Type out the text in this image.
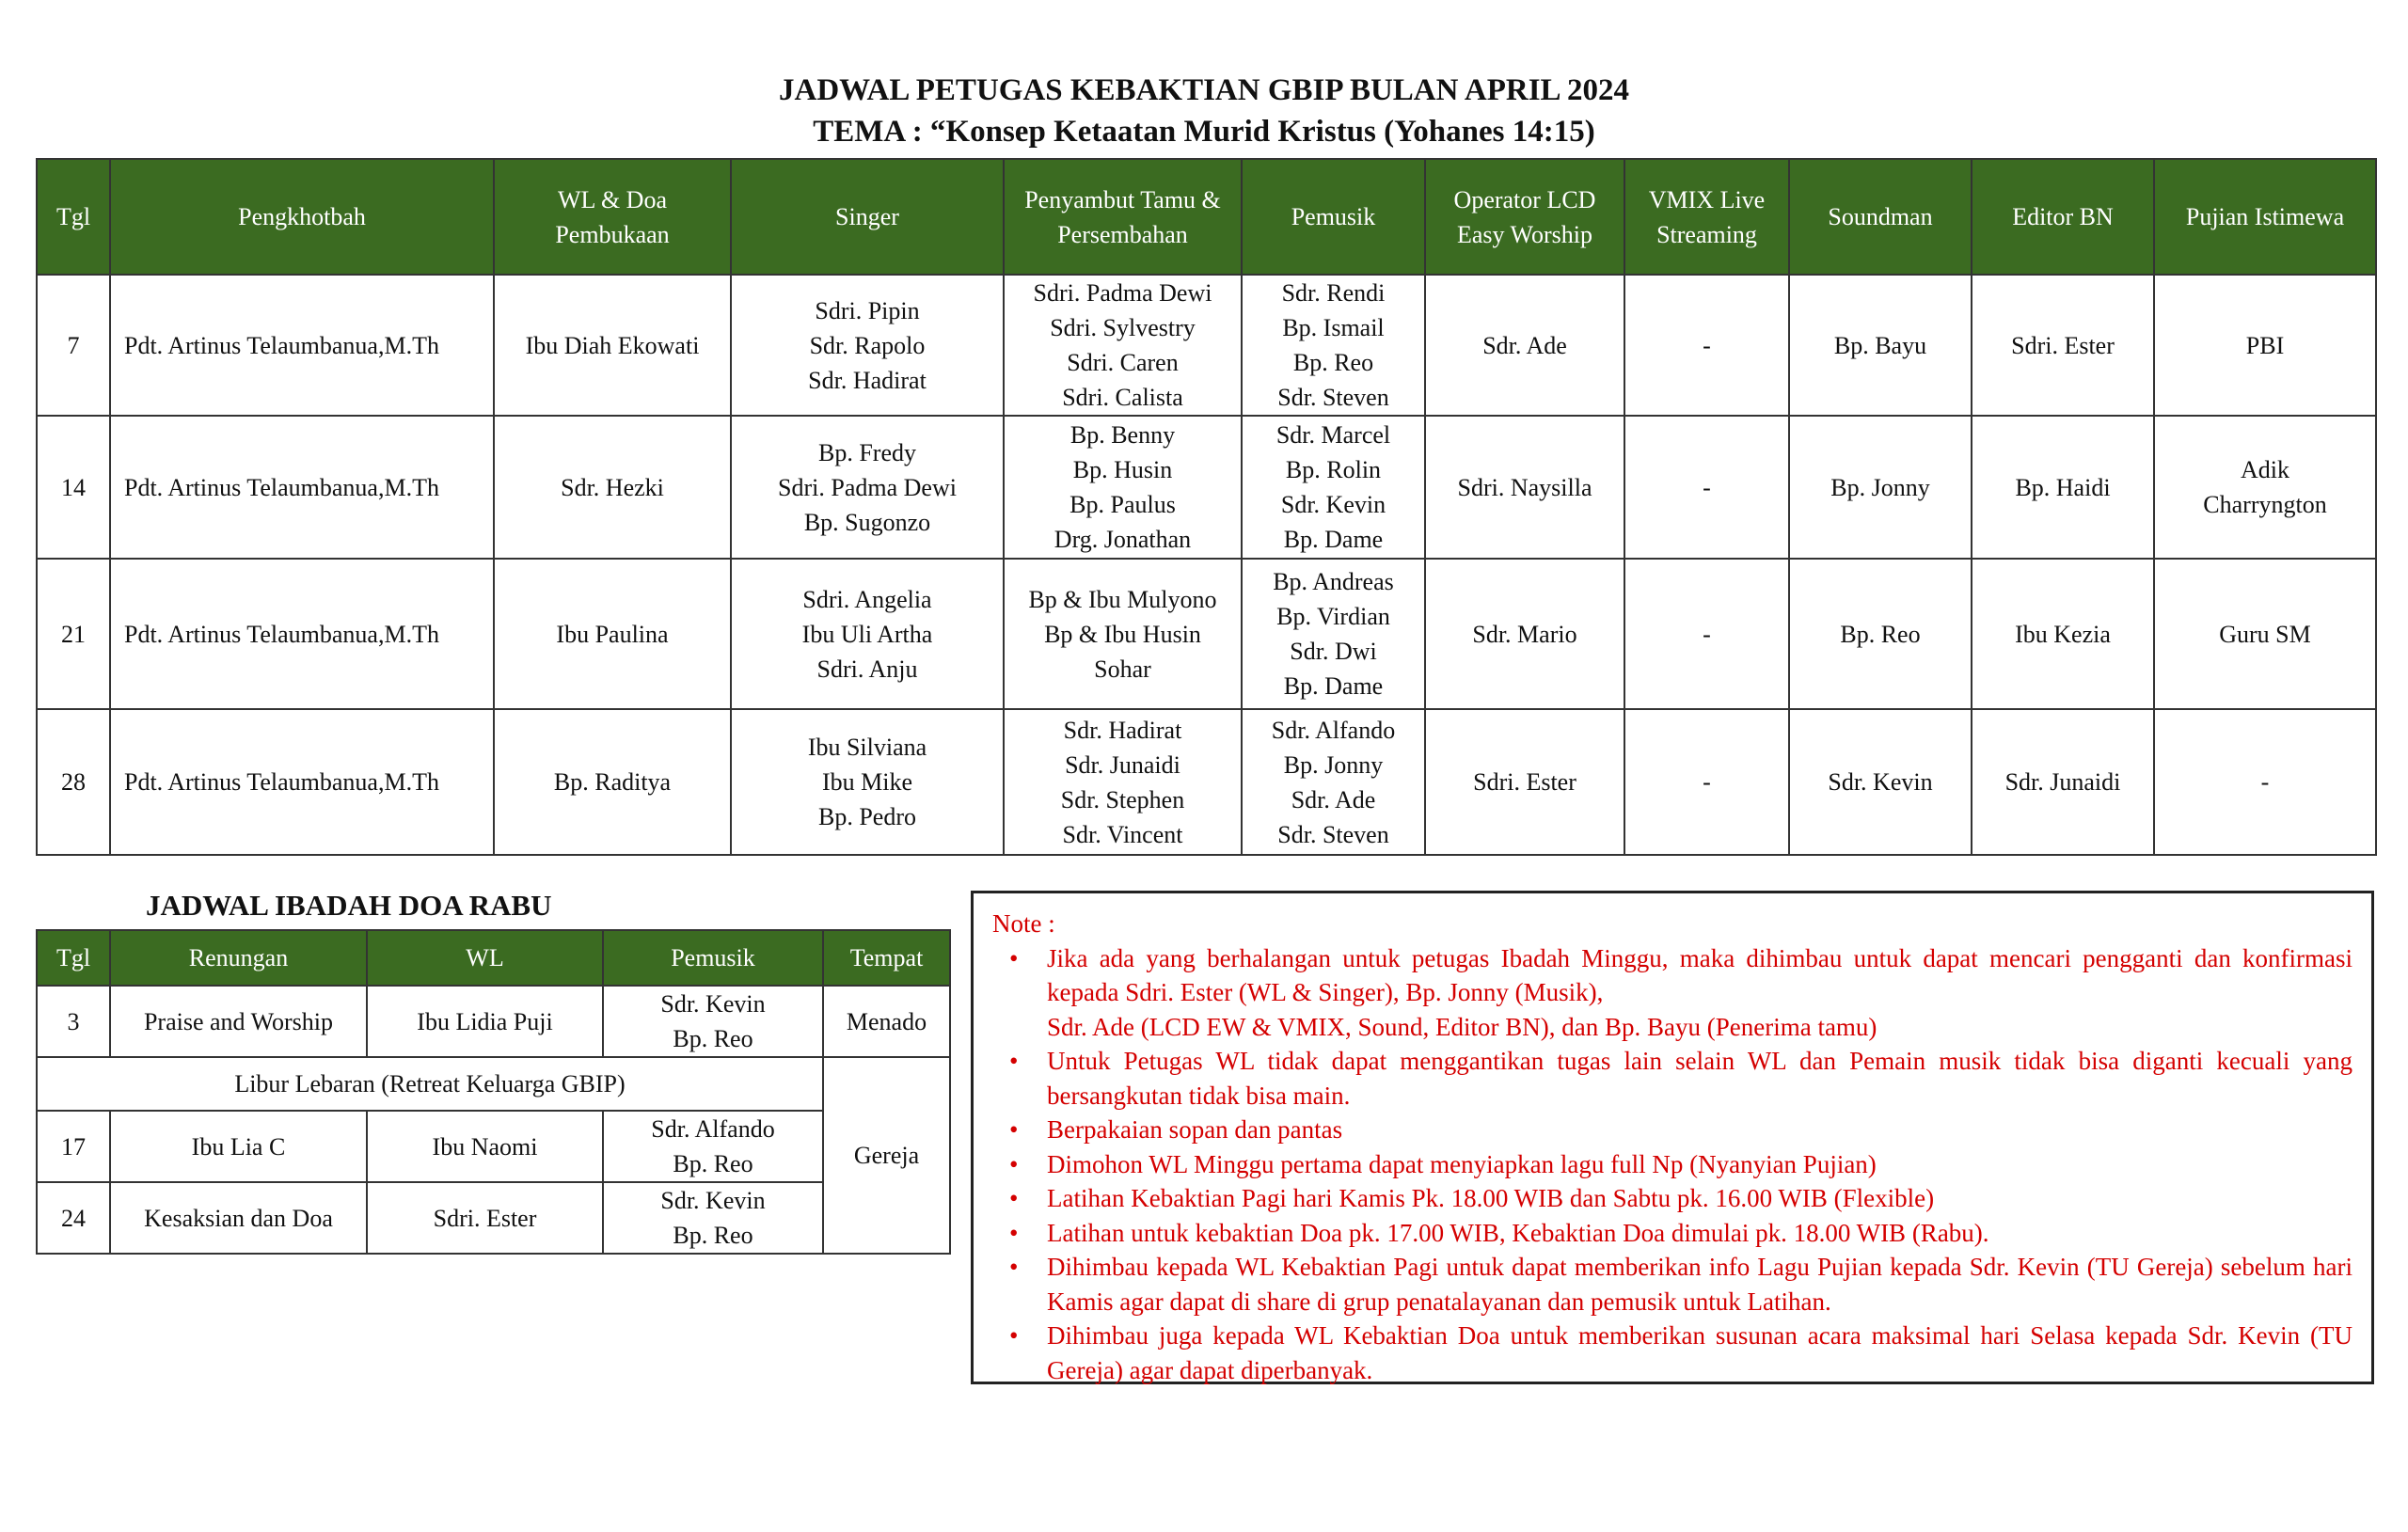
JADWAL PETUGAS KEBAKTIAN GBIP BULAN APRIL 2024
TEMA : “Konsep Ketaatan Murid Kristus (Yohanes 14:15)
Tgl	Pengkhotbah	WL & Doa Pembukaan	Singer	Penyambut Tamu & Persembahan	Pemusik	Operator LCD Easy Worship	VMIX Live Streaming	Soundman	Editor BN	Pujian Istimewa
7	Pdt. Artinus Telaumbanua,M.Th	Ibu Diah Ekowati	Sdri. Pipin
Sdr. Rapolo
Sdr. Hadirat	Sdri. Padma Dewi
Sdri. Sylvestry
Sdri. Caren
Sdri. Calista	Sdr. Rendi
Bp. Ismail
Bp. Reo
Sdr. Steven	Sdr. Ade	-	Bp. Bayu	Sdri. Ester	PBI

14	Pdt. Artinus Telaumbanua,M.Th	Sdr. Hezki	Bp. Fredy
Sdri. Padma Dewi
Bp. Sugonzo	Bp. Benny
Bp. Husin
Bp. Paulus
Drg. Jonathan	Sdr. Marcel
Bp. Rolin
Sdr. Kevin
Bp. Dame	Sdri. Naysilla	-	Bp. Jonny	Bp. Haidi	Adik
Charryngton

21	Pdt. Artinus Telaumbanua,M.Th	Ibu Paulina	Sdri. Angelia
Ibu Uli Artha
Sdri. Anju	Bp & Ibu Mulyono
Bp & Ibu Husin
Sohar	Bp. Andreas
Bp. Virdian
Sdr. Dwi
Bp. Dame	Sdr. Mario	-	Bp. Reo	Ibu Kezia	Guru SM

28	Pdt. Artinus Telaumbanua,M.Th	Bp. Raditya	Ibu Silviana
Ibu Mike
Bp. Pedro	Sdr. Hadirat
Sdr. Junaidi
Sdr. Stephen
Sdr. Vincent	Sdr. Alfando
Bp. Jonny
Sdr. Ade
Sdr. Steven	Sdri. Ester	-	Sdr. Kevin	Sdr. Junaidi	-
JADWAL IBADAH DOA RABU
Tgl	Renungan	WL	Pemusik	Tempat
3	Praise and Worship	Ibu Lidia Puji	Sdr. Kevin
Bp. Reo	Menado
Libur Lebaran (Retreat Keluarga GBIP)				Gereja
17	Ibu Lia C	Ibu Naomi	Sdr. Alfando
Bp. Reo	

24	Kesaksian dan Doa	Sdri. Ester	Sdr. Kevin
Bp. Reo	
Note :
• Jika ada yang berhalangan untuk petugas Ibadah Minggu, maka dihimbau untuk dapat mencari pengganti dan konfirmasi kepada Sdri. Ester (WL & Singer), Bp. Jonny (Musik),
Sdr. Ade (LCD EW & VMIX, Sound, Editor BN), dan Bp. Bayu (Penerima tamu)
• Untuk Petugas WL tidak dapat menggantikan tugas lain selain WL dan Pemain musik tidak bisa diganti kecuali yang bersangkutan tidak bisa main.
• Berpakaian sopan dan pantas
• Dimohon WL Minggu pertama dapat menyiapkan lagu full Np (Nyanyian Pujian)
• Latihan Kebaktian Pagi hari Kamis Pk. 18.00 WIB dan Sabtu pk. 16.00 WIB (Flexible)
• Latihan untuk kebaktian Doa pk. 17.00 WIB, Kebaktian Doa dimulai pk. 18.00 WIB (Rabu).
• Dihimbau kepada WL Kebaktian Pagi untuk dapat memberikan info Lagu Pujian kepada Sdr. Kevin (TU Gereja) sebelum hari Kamis agar dapat di share di grup penatalayanan dan pemusik untuk Latihan.
• Dihimbau juga kepada WL Kebaktian Doa untuk memberikan susunan acara maksimal hari Selasa kepada Sdr. Kevin (TU Gereja) agar dapat diperbanyak.
